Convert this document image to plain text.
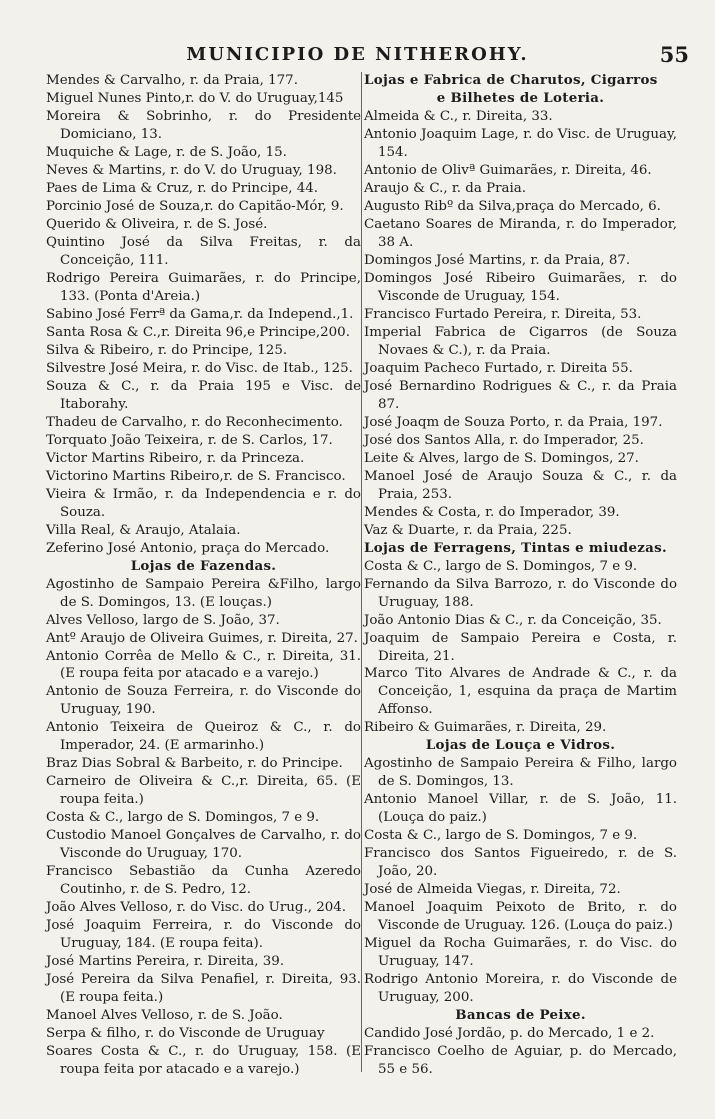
MUNICIPIO DE NITHEROHY.	55
Mendes & Carvalho, r. da Praia, 177.
Miguel Nunes Pinto,r. do V. do Uruguay,145
Moreira & Sobrinho, r. do Presidente Domiciano, 13.
Muquiche & Lage, r. de S. João, 15.
Neves & Martins, r. do V. do Uruguay, 198.
Paes de Lima & Cruz, r. do Principe, 44.
Porcinio José de Souza,r. do Capitão-Mór, 9.
Querido & Oliveira, r. de S. José.
Quintino José da Silva Freitas, r. da Conceição, 111.
Rodrigo Pereira Guimarães, r. do Principe, 133. (Ponta d'Areia.)
Sabino José Ferrª da Gama,r. da Independ.,1.
Santa Rosa & C.,r. Direita 96,e Principe,200.
Silva & Ribeiro, r. do Principe, 125.
Silvestre José Meira, r. do Visc. de Itab., 125.
Souza & C., r. da Praia 195 e Visc. de Itaborahy.
Thadeu de Carvalho, r. do Reconhecimento.
Torquato João Teixeira, r. de S. Carlos, 17.
Victor Martins Ribeiro, r. da Princeza.
Victorino Martins Ribeiro,r. de S. Francisco.
Vieira & Irmão, r. da Independencia e r. do Souza.
Villa Real, & Araujo, Atalaia.
Zeferino José Antonio, praça do Mercado.
Lojas de Fazendas.
Agostinho de Sampaio Pereira &Filho, largo de S. Domingos, 13. (E louças.)
Alves Velloso, largo de S. João, 37.
Antº Araujo de Oliveira Guimes, r. Direita, 27.
Antonio Corrêa de Mello & C., r. Direita, 31. (E roupa feita por atacado e a varejo.)
Antonio de Souza Ferreira, r. do Visconde do Uruguay, 190.
Antonio Teixeira de Queiroz & C., r. do Imperador, 24. (E armarinho.)
Braz Dias Sobral & Barbeito, r. do Principe.
Carneiro de Oliveira & C.,r. Direita, 65. (E roupa feita.)
Costa & C., largo de S. Domingos, 7 e 9.
Custodio Manoel Gonçalves de Carvalho, r. do Visconde do Uruguay, 170.
Francisco Sebastião da Cunha Azeredo Coutinho, r. de S. Pedro, 12.
João Alves Velloso, r. do Visc. do Urug., 204.
José Joaquim Ferreira, r. do Visconde do Uruguay, 184. (E roupa feita).
José Martins Pereira, r. Direita, 39.
José Pereira da Silva Penafiel, r. Direita, 93. (E roupa feita.)
Manoel Alves Velloso, r. de S. João.
Serpa & filho, r. do Visconde de Uruguay
Soares Costa & C., r. do Uruguay, 158. (E roupa feita por atacado e a varejo.)
Lojas e Fabrica de Charutos, Cigarros
e Bilhetes de Loteria.
Almeida & C., r. Direita, 33.
Antonio Joaquim Lage, r. do Visc. de Uruguay, 154.
Antonio de Olivª Guimarães, r. Direita, 46.
Araujo & C., r. da Praia.
Augusto Ribº da Silva,praça do Mercado, 6.
Caetano Soares de Miranda, r. do Imperador, 38 A.
Domingos José Martins, r. da Praia, 87.
Domingos José Ribeiro Guimarães, r. do Visconde de Uruguay, 154.
Francisco Furtado Pereira, r. Direita, 53.
Imperial Fabrica de Cigarros (de Souza Novaes & C.), r. da Praia.
Joaquim Pacheco Furtado, r. Direita 55.
José Bernardino Rodrigues & C., r. da Praia 87.
José Joaqm de Souza Porto, r. da Praia, 197.
José dos Santos Alla, r. do Imperador, 25.
Leite & Alves, largo de S. Domingos, 27.
Manoel José de Araujo Souza & C., r. da Praia, 253.
Mendes & Costa, r. do Imperador, 39.
Vaz & Duarte, r. da Praia, 225.
Lojas de Ferragens, Tintas e miudezas.
Costa & C., largo de S. Domingos, 7 e 9.
Fernando da Silva Barrozo, r. do Visconde do Uruguay, 188.
João Antonio Dias & C., r. da Conceição, 35.
Joaquim de Sampaio Pereira e Costa, r. Direita, 21.
Marco Tito Alvares de Andrade & C., r. da Conceição, 1, esquina da praça de Martim Affonso.
Ribeiro & Guimarães, r. Direita, 29.
Lojas de Louça e Vidros.
Agostinho de Sampaio Pereira & Filho, largo de S. Domingos, 13.
Antonio Manoel Villar, r. de S. João, 11. (Louça do paiz.)
Costa & C., largo de S. Domingos, 7 e 9.
Francisco dos Santos Figueiredo, r. de S. João, 20.
José de Almeida Viegas, r. Direita, 72.
Manoel Joaquim Peixoto de Brito, r. do Visconde de Uruguay. 126. (Louça do paiz.)
Miguel da Rocha Guimarães, r. do Visc. do Uruguay, 147.
Rodrigo Antonio Moreira, r. do Visconde de Uruguay, 200.
Bancas de Peixe.
Candido José Jordão, p. do Mercado, 1 e 2.
Francisco Coelho de Aguiar, p. do Mercado, 55 e 56.
